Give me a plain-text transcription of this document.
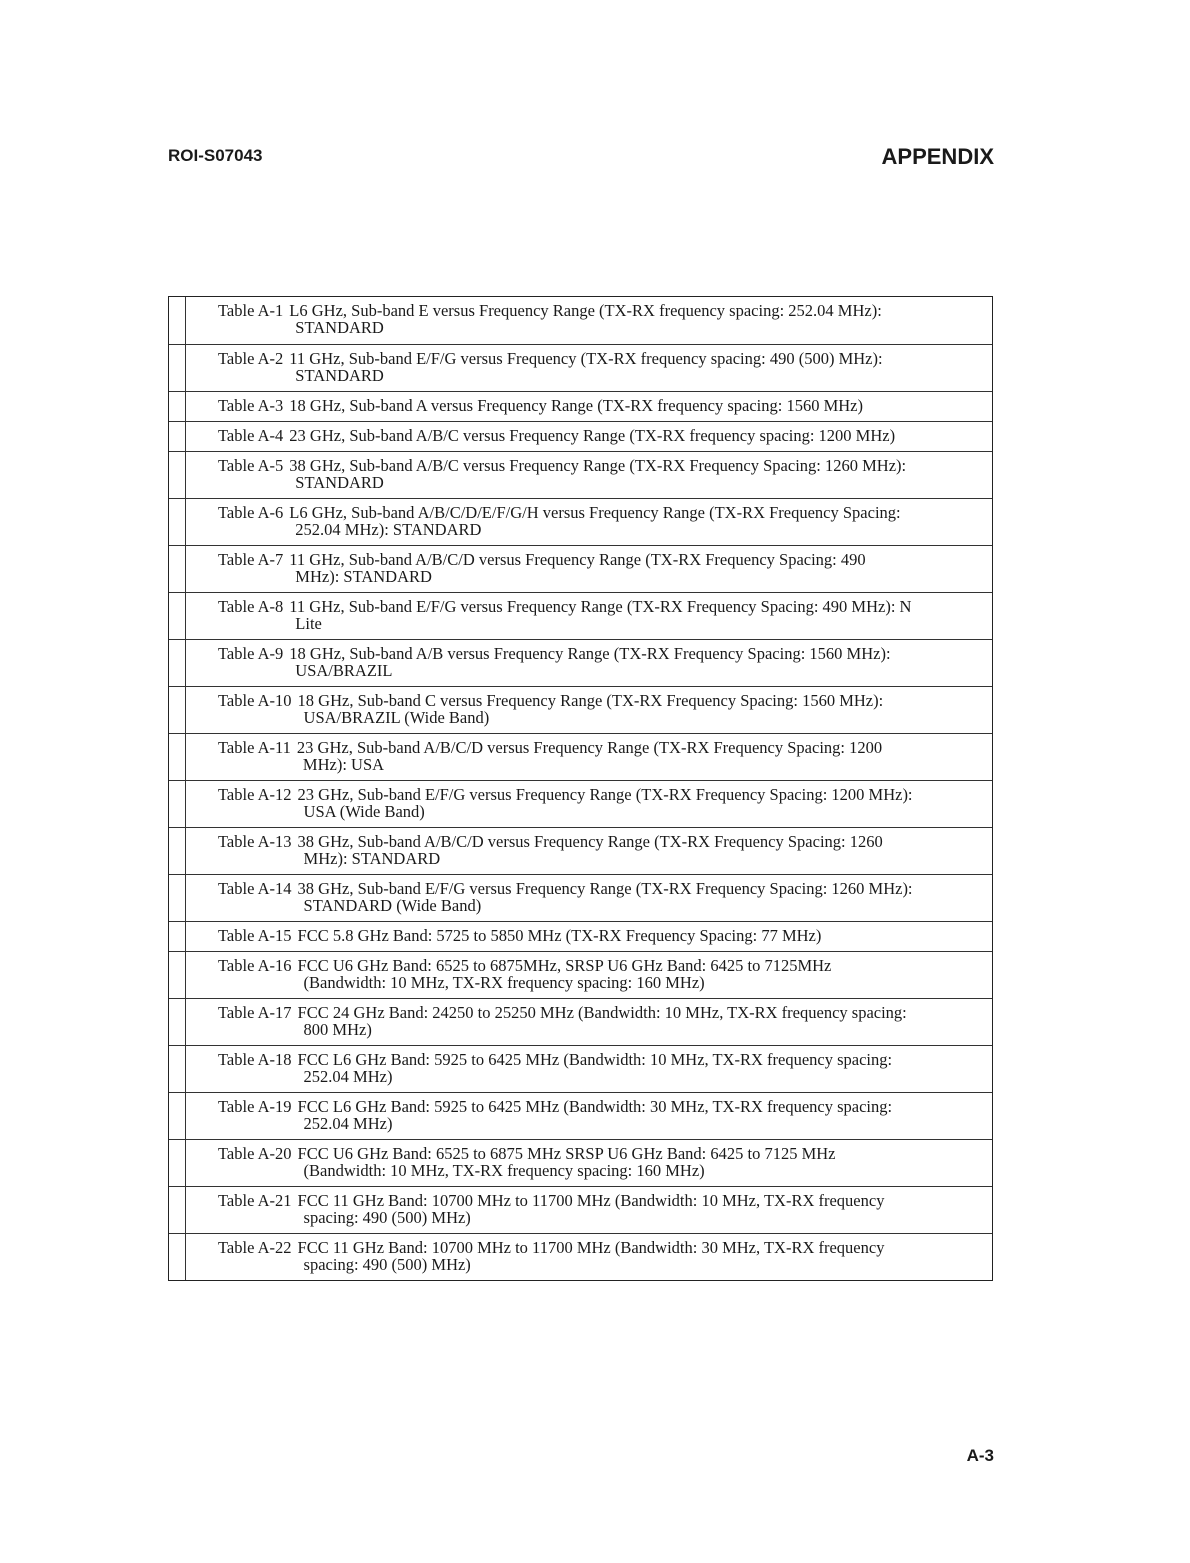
ROI-S07043	APPENDIX
Table A-1 L6 GHz, Sub-band E versus Frequency Range (TX-RX frequency spacing: 252.04 MHz):
STANDARD
Table A-2 11 GHz, Sub-band E/F/G versus Frequency (TX-RX frequency spacing: 490 (500) MHz):
STANDARD
Table A-3 18 GHz, Sub-band A versus Frequency Range (TX-RX frequency spacing: 1560 MHz)
Table A-4 23 GHz, Sub-band A/B/C versus Frequency Range (TX-RX frequency spacing: 1200 MHz)
Table A-5 38 GHz, Sub-band A/B/C versus Frequency Range (TX-RX Frequency Spacing: 1260 MHz):
STANDARD
Table A-6 L6 GHz, Sub-band A/B/C/D/E/F/G/H versus Frequency Range (TX-RX Frequency Spacing:
252.04 MHz): STANDARD
Table A-7 11 GHz, Sub-band A/B/C/D versus Frequency Range (TX-RX Frequency Spacing: 490
MHz): STANDARD
Table A-8 11 GHz, Sub-band E/F/G versus Frequency Range (TX-RX Frequency Spacing: 490 MHz): N
Lite
Table A-9 18 GHz, Sub-band A/B versus Frequency Range (TX-RX Frequency Spacing: 1560 MHz):
USA/BRAZIL
Table A-10 18 GHz, Sub-band C versus Frequency Range (TX-RX Frequency Spacing: 1560 MHz):
USA/BRAZIL (Wide Band)
Table A-11 23 GHz, Sub-band A/B/C/D versus Frequency Range (TX-RX Frequency Spacing: 1200
MHz): USA
Table A-12 23 GHz, Sub-band E/F/G versus Frequency Range (TX-RX Frequency Spacing: 1200 MHz):
USA (Wide Band)
Table A-13 38 GHz, Sub-band A/B/C/D versus Frequency Range (TX-RX Frequency Spacing: 1260
MHz): STANDARD
Table A-14 38 GHz, Sub-band E/F/G versus Frequency Range (TX-RX Frequency Spacing: 1260 MHz):
STANDARD (Wide Band)
Table A-15 FCC 5.8 GHz Band: 5725 to 5850 MHz (TX-RX Frequency Spacing: 77 MHz)
Table A-16 FCC U6 GHz Band: 6525 to 6875MHz, SRSP U6 GHz Band: 6425 to 7125MHz
(Bandwidth: 10 MHz, TX-RX frequency spacing: 160 MHz)
Table A-17 FCC 24 GHz Band: 24250 to 25250 MHz (Bandwidth: 10 MHz, TX-RX frequency spacing:
800 MHz)
Table A-18 FCC L6 GHz Band: 5925 to 6425 MHz (Bandwidth: 10 MHz, TX-RX frequency spacing:
252.04 MHz)
Table A-19 FCC L6 GHz Band: 5925 to 6425 MHz (Bandwidth: 30 MHz, TX-RX frequency spacing:
252.04 MHz)
Table A-20 FCC U6 GHz Band: 6525 to 6875 MHz SRSP U6 GHz Band: 6425 to 7125 MHz
(Bandwidth: 10 MHz, TX-RX frequency spacing: 160 MHz)
Table A-21 FCC 11 GHz Band: 10700 MHz to 11700 MHz (Bandwidth: 10 MHz, TX-RX frequency
spacing: 490 (500) MHz)
Table A-22 FCC 11 GHz Band: 10700 MHz to 11700 MHz (Bandwidth: 30 MHz, TX-RX frequency
spacing: 490 (500) MHz)
A-3
